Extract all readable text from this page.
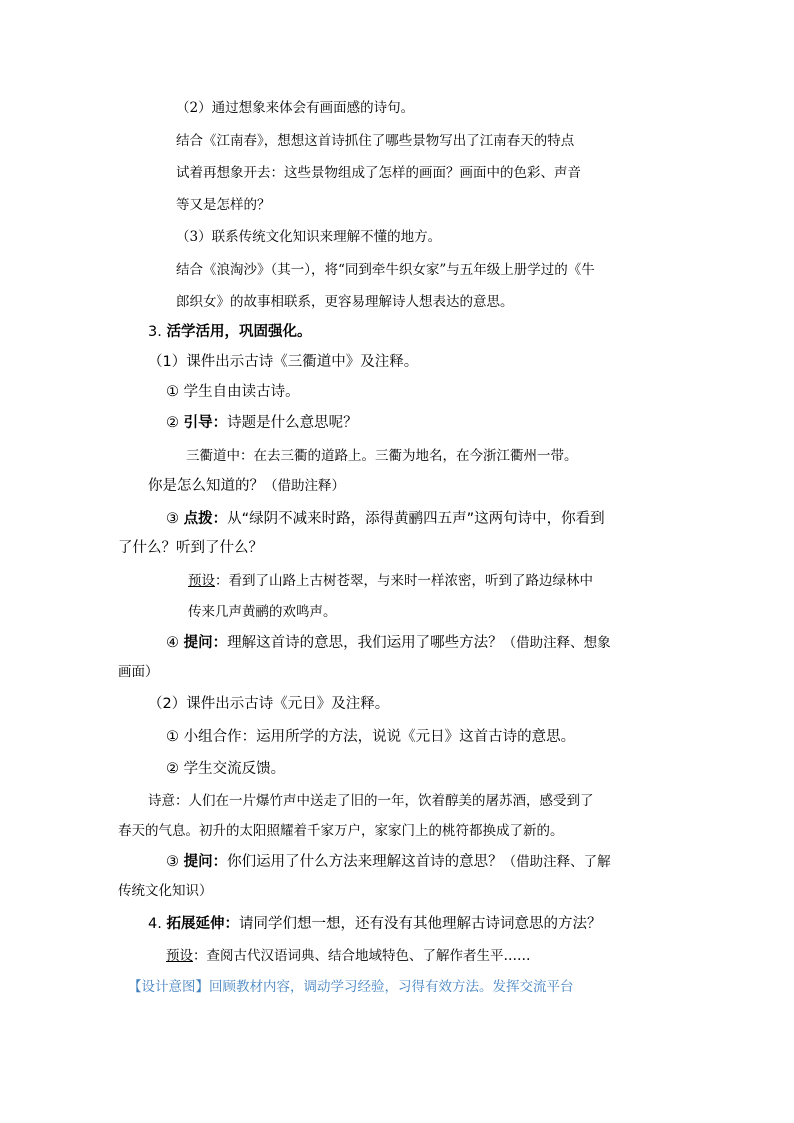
（2）通过想象来体会有画面感的诗句。
结合《江南春》，想想这首诗抓住了哪些景物写出了江南春天的特点
试着再想象开去：这些景物组成了怎样的画面？画面中的色彩、声音
等又是怎样的？
（3）联系传统文化知识来理解不懂的地方。
结合《浪淘沙》（其一），将“同到牵牛织女家”与五年级上册学过的《牛
郎织女》的故事相联系，更容易理解诗人想表达的意思。
3. 活学活用，巩固强化。
（1）课件出示古诗《三衢道中》及注释。
① 学生自由读古诗。
② 引导：诗题是什么意思呢？
三衢道中：在去三衢的道路上。三衢为地名，在今浙江衢州一带。
你是怎么知道的？（借助注释）
③ 点拨：从“绿阴不减来时路，添得黄鹂四五声”这两句诗中，你看到
了什么？听到了什么？
预设：看到了山路上古树苍翠，与来时一样浓密，听到了路边绿林中
传来几声黄鹂的欢鸣声。
④ 提问：理解这首诗的意思，我们运用了哪些方法？（借助注释、想象
画面）
（2）课件出示古诗《元日》及注释。
① 小组合作：运用所学的方法，说说《元日》这首古诗的意思。
② 学生交流反馈。
诗意：人们在一片爆竹声中送走了旧的一年，饮着醇美的屠苏酒，感受到了
春天的气息。初升的太阳照耀着千家万户，家家门上的桃符都换成了新的。
③ 提问：你们运用了什么方法来理解这首诗的意思？（借助注释、了解
传统文化知识）
4. 拓展延伸：请同学们想一想，还有没有其他理解古诗词意思的方法？
预设：查阅古代汉语词典、结合地域特色、了解作者生平……
【设计意图】回顾教材内容，调动学习经验，习得有效方法。发挥交流平台
